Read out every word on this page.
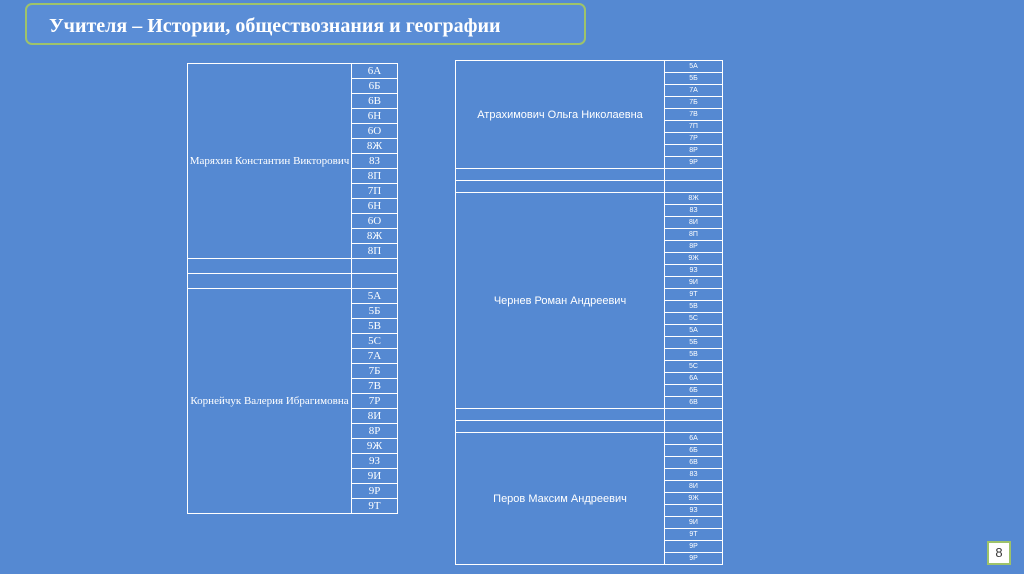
Учителя – Истории, обществознания и географии
Маряхин Константин Викторович	6А
	6Б
	6В
	6Н
	6О
	8Ж
	8З
	8П
	7П
	6Н
	6О
	8Ж
	8П

Корнейчук Валерия Ибрагимовна	5А
	5Б
	5В
	5С
	7А
	7Б
	7В
	7Р
	8И
	8Р
	9Ж
	9З
	9И
	9Р
	9Т
Атрахимович Ольга Николаевна	5А
	5Б
	7А
	7Б
	7В
	7П
	7Р
	8Р
	9Р

Чернев Роман Андреевич	8Ж
	8З
	8И
	8П
	8Р
	9Ж
	9З
	9И
	9Т
	5В
	5С
	5А
	5Б
	5В
	5С
	6А
	6Б
	6В

Перов Максим Андреевич	6А
	6Б
	6В
	8З
	8И
	9Ж
	9З
	9И
	9Т
	9Р
	9Р	8
